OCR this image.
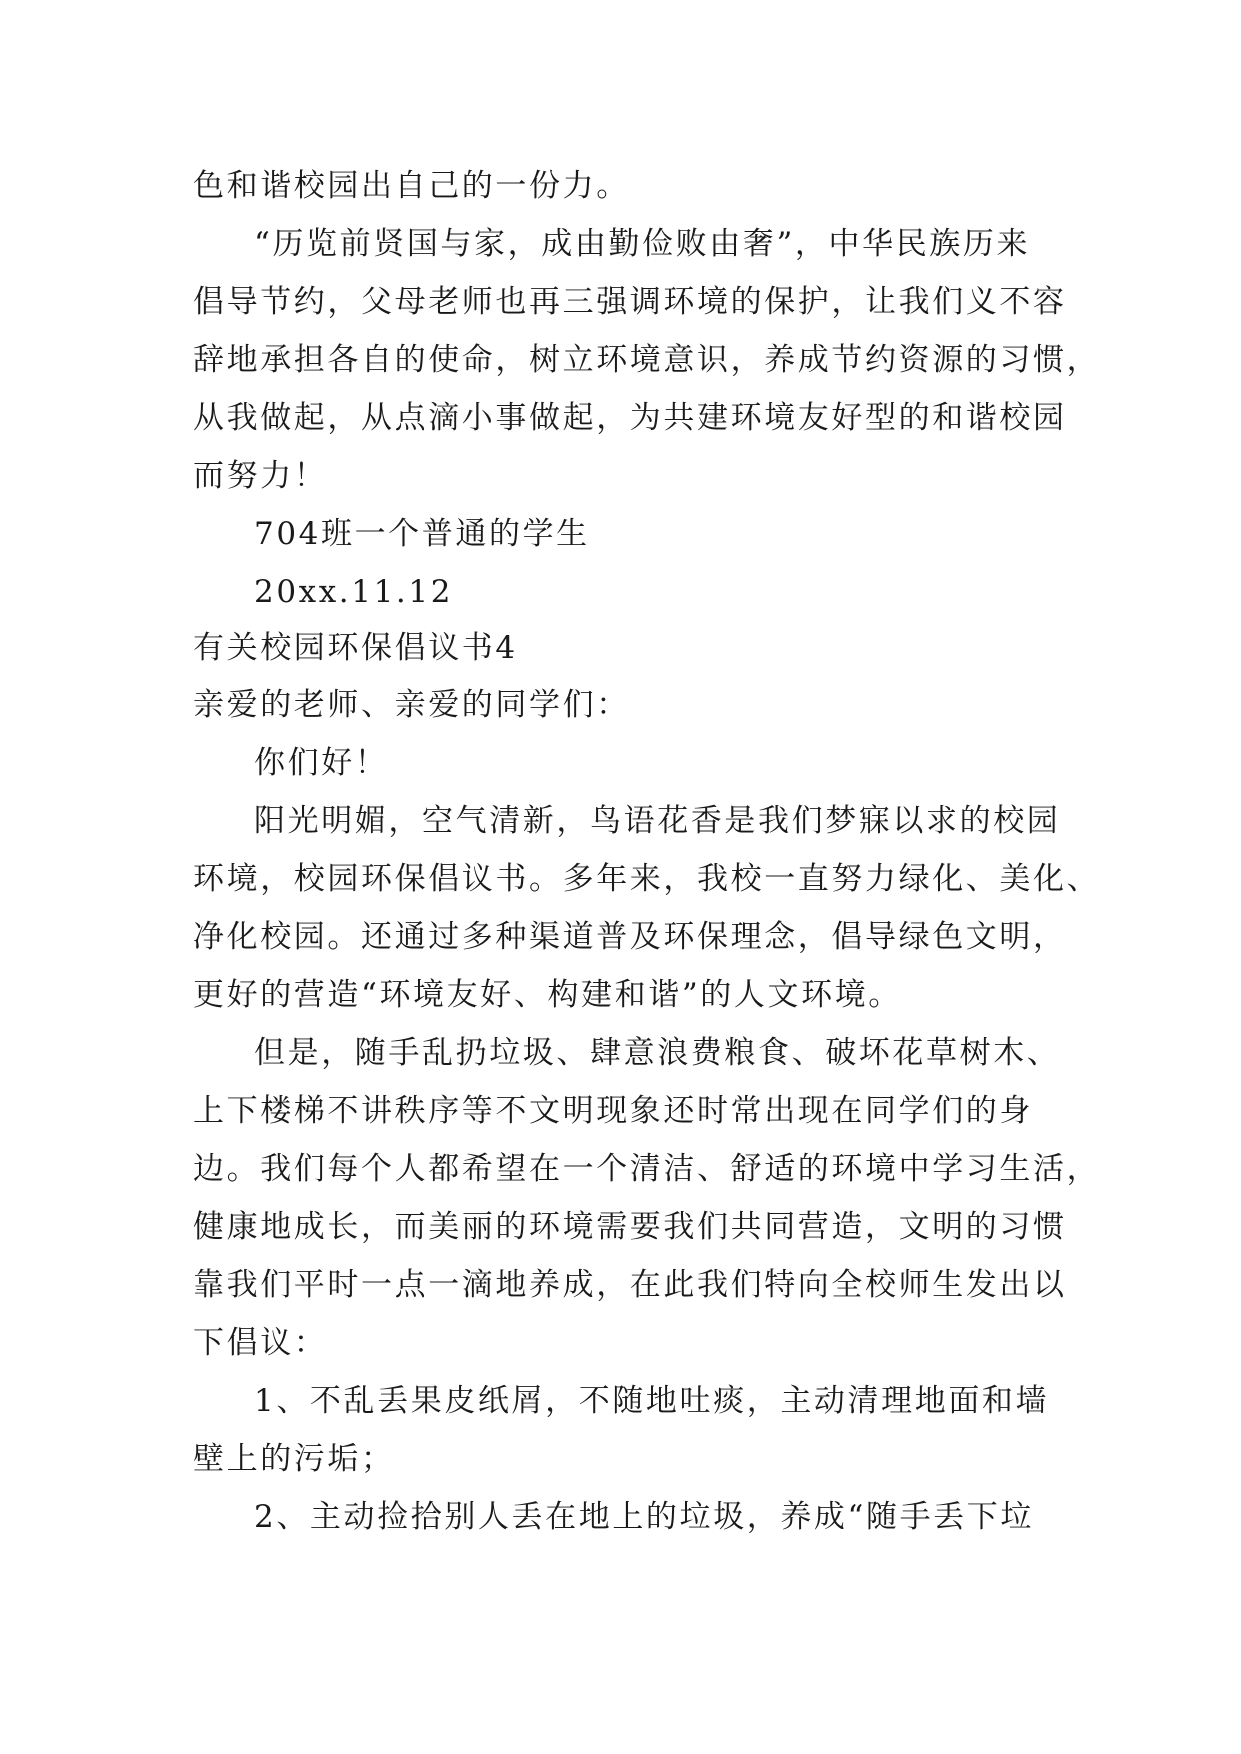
色和谐校园出自己的一份力。
“历览前贤国与家，成由勤俭败由奢”，中华民族历来
倡导节约，父母老师也再三强调环境的保护，让我们义不容
辞地承担各自的使命，树立环境意识，养成节约资源的习惯，
从我做起，从点滴小事做起，为共建环境友好型的和谐校园
而努力！
704班一个普通的学生
20xx.11.12
有关校园环保倡议书4
亲爱的老师、亲爱的同学们：
你们好！
阳光明媚，空气清新，鸟语花香是我们梦寐以求的校园
环境，校园环保倡议书。多年来，我校一直努力绿化、美化、
净化校园。还通过多种渠道普及环保理念，倡导绿色文明，
更好的营造“环境友好、构建和谐”的人文环境。
但是，随手乱扔垃圾、肆意浪费粮食、破坏花草树木、
上下楼梯不讲秩序等不文明现象还时常出现在同学们的身
边。我们每个人都希望在一个清洁、舒适的环境中学习生活，
健康地成长，而美丽的环境需要我们共同营造，文明的习惯
靠我们平时一点一滴地养成，在此我们特向全校师生发出以
下倡议：
1、不乱丢果皮纸屑，不随地吐痰，主动清理地面和墙
壁上的污垢；
2、主动捡拾别人丢在地上的垃圾，养成“随手丢下垃
